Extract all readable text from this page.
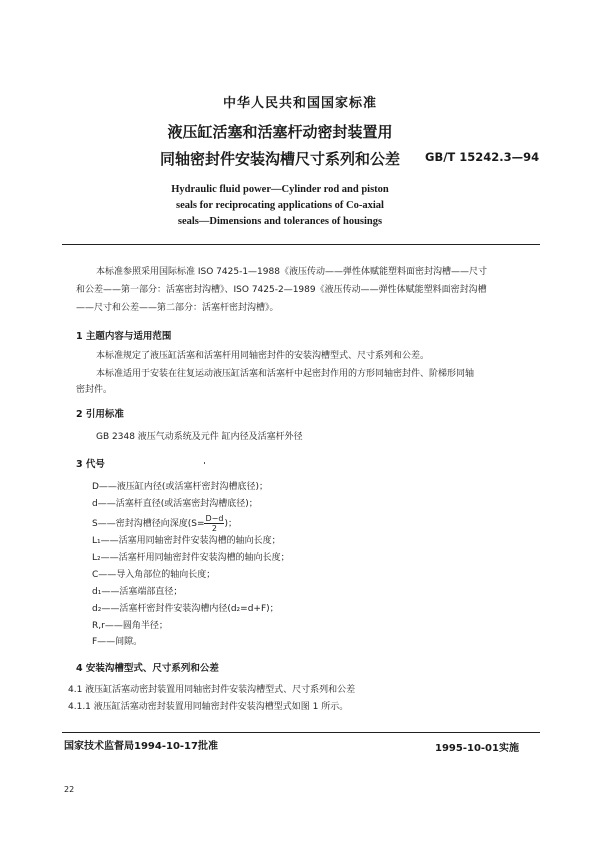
中华人民共和国国家标准
液压缸活塞和活塞杆动密封装置用
同轴密封件安装沟槽尺寸系列和公差	GB/T 15242.3—94
Hydraulic fluid power—Cylinder rod and piston
seals for reciprocating applications of Co-axial
seals—Dimensions and tolerances of housings
本标准参照采用国际标准 ISO 7425-1—1988《液压传动——弹性体赋能塑料面密封沟槽——尺寸
和公差——第一部分：活塞密封沟槽》、ISO 7425-2—1989《液压传动——弹性体赋能塑料面密封沟槽
——尺寸和公差——第二部分：活塞杆密封沟槽》。
1 主题内容与适用范围
本标准规定了液压缸活塞和活塞杆用同轴密封件的安装沟槽型式、尺寸系列和公差。
本标准适用于安装在往复运动液压缸活塞和活塞杆中起密封作用的方形同轴密封件、阶梯形同轴
密封件。
2 引用标准
GB 2348 液压气动系统及元件 缸内径及活塞杆外径
3 代号
D——液压缸内径(或活塞杆密封沟槽底径)；
d——活塞杆直径(或活塞密封沟槽底径)；
S——密封沟槽径向深度($S= \frac{D-d}{2}$ )；
L₁——活塞用同轴密封件安装沟槽的轴向长度；
L₂——活塞杆用同轴密封件安装沟槽的轴向长度；
C——导入角部位的轴向长度；
d₁——活塞端部直径；
d₂——活塞杆密封件安装沟槽内径(d₂=d+F)；
R,r——圆角半径；
F——间隙。
4 安装沟槽型式、尺寸系列和公差
4.1 液压缸活塞动密封装置用同轴密封件安装沟槽型式、尺寸系列和公差
4.1.1 液压缸活塞动密封装置用同轴密封件安装沟槽型式如图 1 所示。
国家技术监督局1994-10-17批准	1995-10-01实施
22
